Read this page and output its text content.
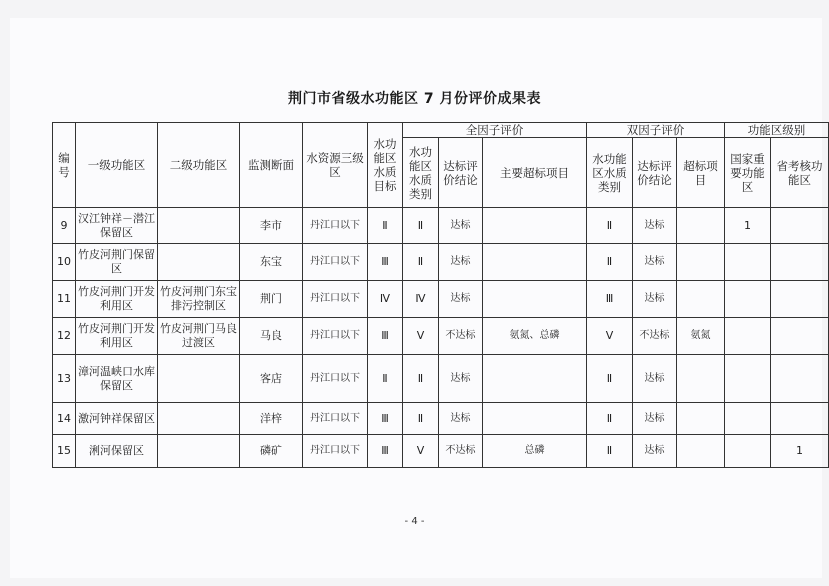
荆门市省级水功能区 7 月份评价成果表
编号	一级功能区	二级功能区	监测断面	水资源三级区	水功能区水质目标	全因子评价			双因子评价			功能区级别	
						水功能区水质类别	达标评价结论	主要超标项目	水功能区水质类别	达标评价结论	超标项目	国家重要功能区	省考核功能区
9	汉江钟祥－潜江保留区		李市	丹江口以下	Ⅱ	Ⅱ	达标		Ⅱ	达标		1	
10	竹皮河荆门保留区		东宝	丹江口以下	Ⅲ	Ⅱ	达标		Ⅱ	达标			
11	竹皮河荆门开发利用区	竹皮河荆门东宝排污控制区	荆门	丹江口以下	Ⅳ	Ⅳ	达标		Ⅲ	达标			
12	竹皮河荆门开发利用区	竹皮河荆门马良过渡区	马良	丹江口以下	Ⅲ	Ⅴ	不达标	氨氮、总磷	Ⅴ	不达标	氨氮		
13	漳河温峡口水库保留区		客店	丹江口以下	Ⅱ	Ⅱ	达标		Ⅱ	达标			
14	激河钟祥保留区		洋梓	丹江口以下	Ⅲ	Ⅱ	达标		Ⅱ	达标			
15	浰河保留区		磷矿	丹江口以下	Ⅲ	Ⅴ	不达标	总磷	Ⅱ	达标			1
- 4 -
